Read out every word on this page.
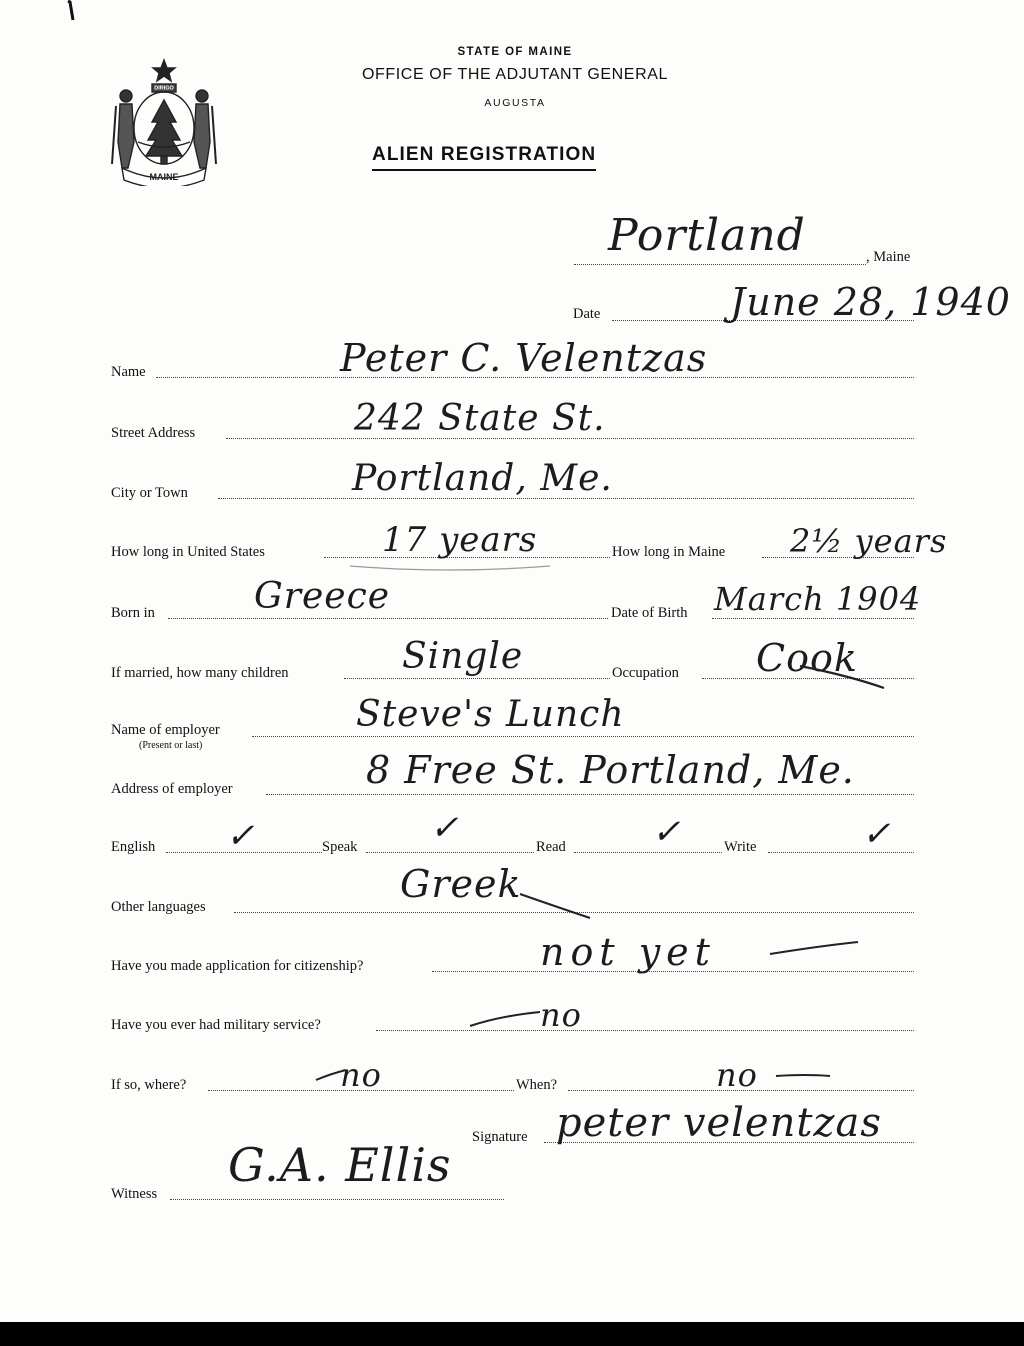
MAINE
DIRIGO
STATE OF MAINE
OFFICE OF THE ADJUTANT GENERAL
AUGUSTA
ALIEN REGISTRATION
Portland	, Maine
Date	June 28, 1940
Name	Peter C. Velentzas
Street Address	242 State St.
City or Town	Portland, Me.
How long in United States	17 years	How long in Maine 2½ years
Born in	Greece	Date of Birth March 1904
If married, how many children	Single	Occupation Cook
Name of employer
(Present or last)
Steve's Lunch
Address of employer	8 Free St. Portland, Me.
English ✓	Speak ✓	Read	✓	Write	✓
Other languages
Greek
Have you made application for citizenship?	not yet
Have you ever had military service?	no
If so, where?	no	When?	no
Signature peter velentzas
Witness
G.A. Ellis
